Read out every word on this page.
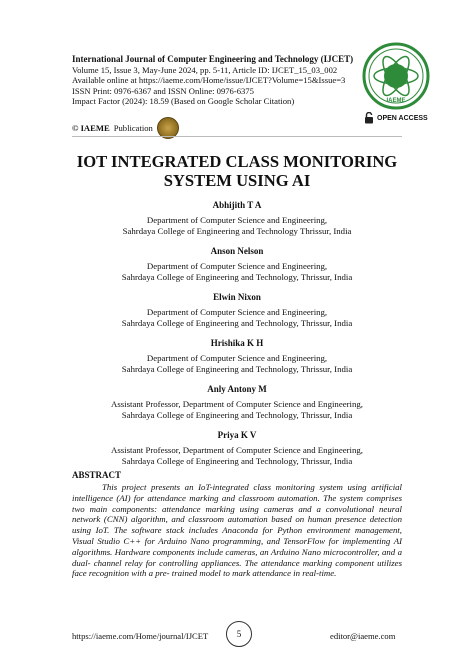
International Journal of Computer Engineering and Technology (IJCET)
Volume 15, Issue 3, May-June 2024, pp. 5-11, Article ID: IJCET_15_03_002
Available online at https://iaeme.com/Home/issue/IJCET?Volume=15&Issue=3
ISSN Print: 0976-6367 and ISSN Online: 0976-6375
Impact Factor (2024): 18.59 (Based on Google Scholar Citation)
© IAEME Publication
IAEME
OPEN ACCESS
IOT INTEGRATED CLASS MONITORING
SYSTEM USING AI
Abhijith T A
Department of Computer Science and Engineering,
Sahrdaya College of Engineering and Technology Thrissur, India
Anson Nelson
Department of Computer Science and Engineering,
Sahrdaya College of Engineering and Technology, Thrissur, India
Elwin Nixon
Department of Computer Science and Engineering,
Sahrdaya College of Engineering and Technology, Thrissur, India
Hrishika K H
Department of Computer Science and Engineering,
Sahrdaya College of Engineering and Technology, Thrissur, India
Anly Antony M
Assistant Professor, Department of Computer Science and Engineering,
Sahrdaya College of Engineering and Technology, Thrissur, India
Priya K V
Assistant Professor, Department of Computer Science and Engineering,
Sahrdaya College of Engineering and Technology, Thrissur, India
ABSTRACT
This project presents an IoT-integrated class monitoring system using artificial intelligence (AI) for attendance marking and classroom automation. The system comprises two main components: attendance marking using cameras and a convolutional neural network (CNN) algorithm, and classroom automation based on human presence detection using IoT. The software stack includes Anaconda for Python environment management, Visual Studio C++ for Arduino Nano programming, and TensorFlow for implementing AI algorithms. Hardware components include cameras, an Arduino Nano microcontroller, and a dual- channel relay for controlling appliances. The attendance marking component utilizes face recognition with a pre- trained model to mark attendance in real-time.
https://iaeme.com/Home/journal/IJCET	5	editor@iaeme.com
